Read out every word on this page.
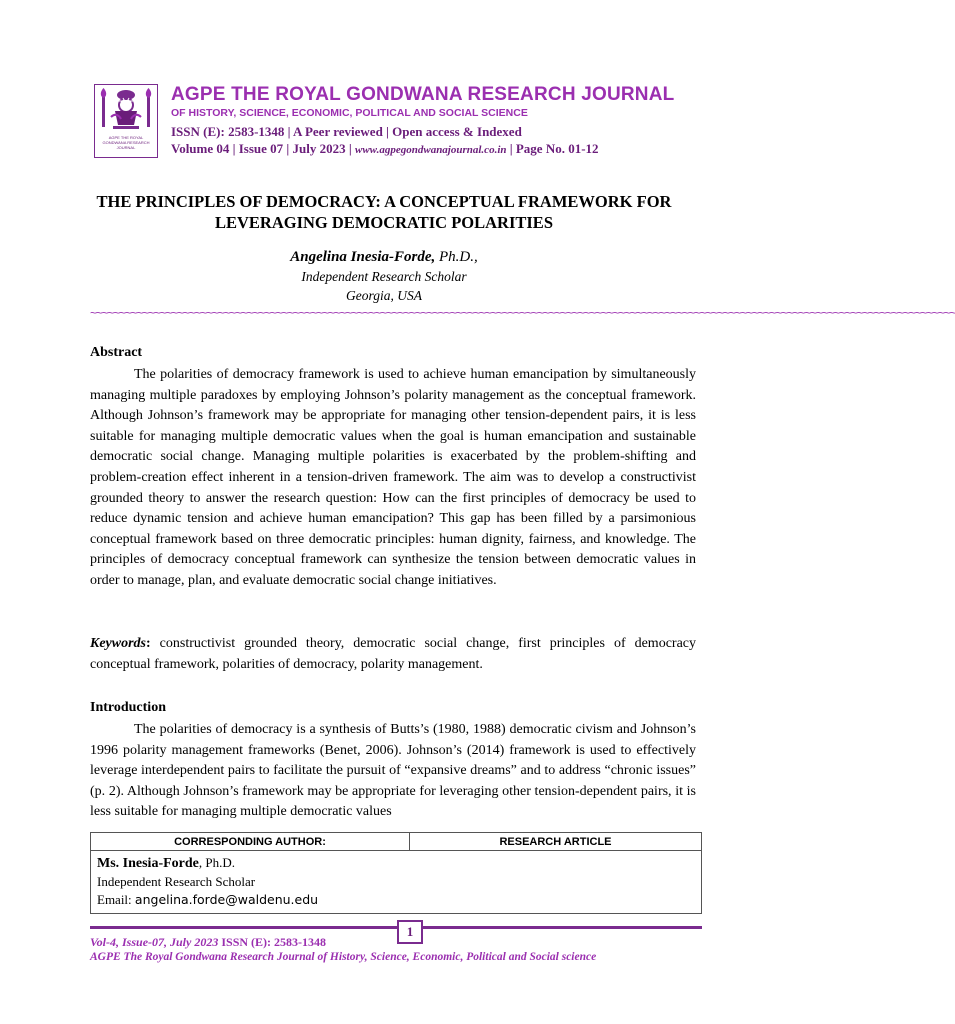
AGPE THE ROYAL GONDWANA RESEARCH JOURNAL
AGPE THE ROYAL GONDWANA RESEARCH JOURNAL
OF HISTORY, SCIENCE, ECONOMIC, POLITICAL AND SOCIAL SCIENCE
ISSN (E): 2583-1348 | A Peer reviewed | Open access & Indexed
Volume 04 | Issue 07 | July 2023 | www.agpegondwanajournal.co.in | Page No. 01-12
THE PRINCIPLES OF DEMOCRACY: A CONCEPTUAL FRAMEWORK FOR LEVERAGING DEMOCRATIC POLARITIES
Angelina Inesia-Forde, Ph.D.,
Independent Research Scholar
Georgia, USA
~~~~~~~~~~~~~~~~~~~~~~~~~~~~~~~~~~~~~~~~~~~~~~~~~~~~~~~~~~~~~~~~~~~~~~~~~~~~~~~~~~~~~~~~~~~~~~~~~~~~~~~~~~~~~~~~~~~~~~~~~~~~~~~~~~~~~~~~~~~~~~~~~~~~~
Abstract
The polarities of democracy framework is used to achieve human emancipation by simultaneously managing multiple paradoxes by employing Johnson’s polarity management as the conceptual framework. Although Johnson’s framework may be appropriate for managing other tension-dependent pairs, it is less suitable for managing multiple democratic values when the goal is human emancipation and sustainable democratic social change. Managing multiple polarities is exacerbated by the problem-shifting and problem-creation effect inherent in a tension-driven framework. The aim was to develop a constructivist grounded theory to answer the research question: How can the first principles of democracy be used to reduce dynamic tension and achieve human emancipation? This gap has been filled by a parsimonious conceptual framework based on three democratic principles: human dignity, fairness, and knowledge. The principles of democracy conceptual framework can synthesize the tension between democratic values in order to manage, plan, and evaluate democratic social change initiatives.
Keywords: constructivist grounded theory, democratic social change, first principles of democracy conceptual framework, polarities of democracy, polarity management.
Introduction
The polarities of democracy is a synthesis of Butts’s (1980, 1988) democratic civism and Johnson’s 1996 polarity management frameworks (Benet, 2006). Johnson’s (2014) framework is used to effectively leverage interdependent pairs to facilitate the pursuit of “expansive dreams” and to address “chronic issues” (p. 2). Although Johnson’s framework may be appropriate for leveraging other tension-dependent pairs, it is less suitable for managing multiple democratic values
CORRESPONDING AUTHOR:	RESEARCH ARTICLE

Ms. Inesia-Forde, Ph.D.
Independent Research Scholar
Email: angelina.forde@waldenu.edu
1
Vol-4, Issue-07, July 2023 ISSN (E): 2583-1348
AGPE The Royal Gondwana Research Journal of History, Science, Economic, Political and Social science
